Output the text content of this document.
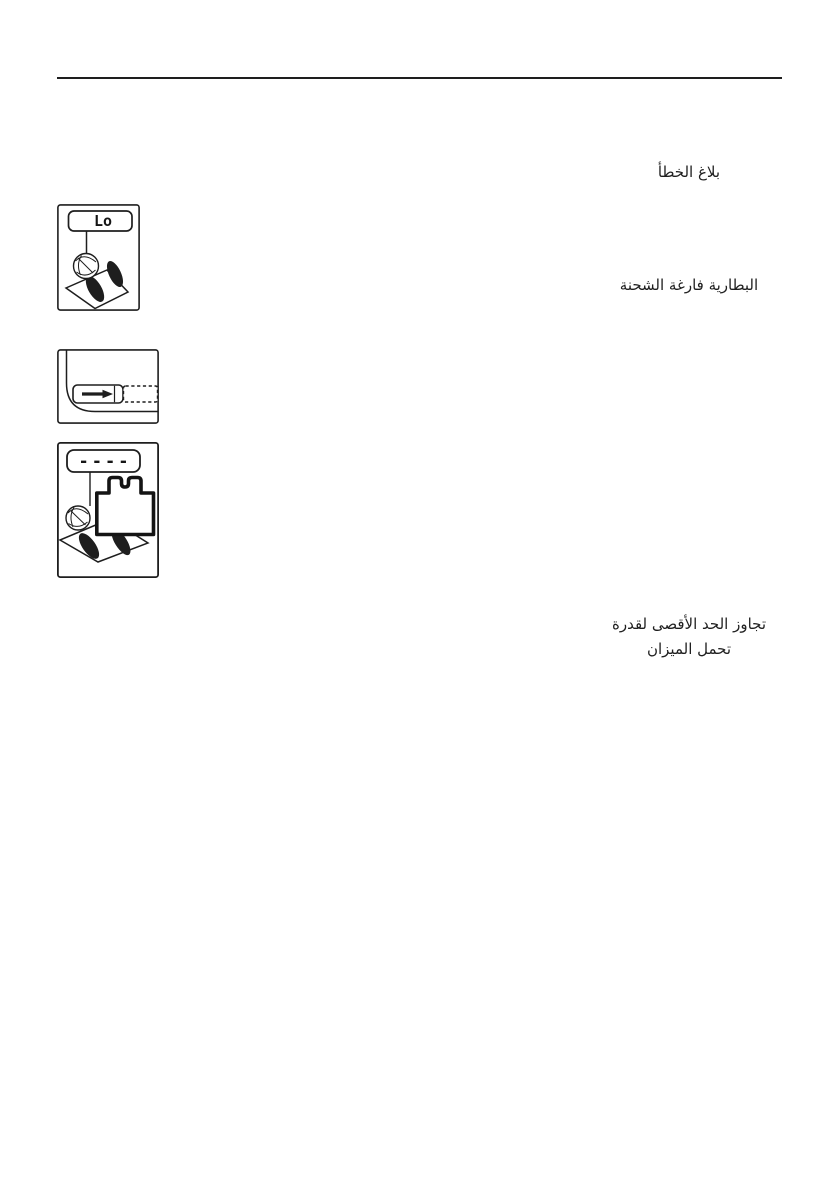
بلاغ الخطأ
Lo
البطارية فارغة الشحنة
----
تجاوز الحد الأقصى لقدرة
تحمل الميزان
